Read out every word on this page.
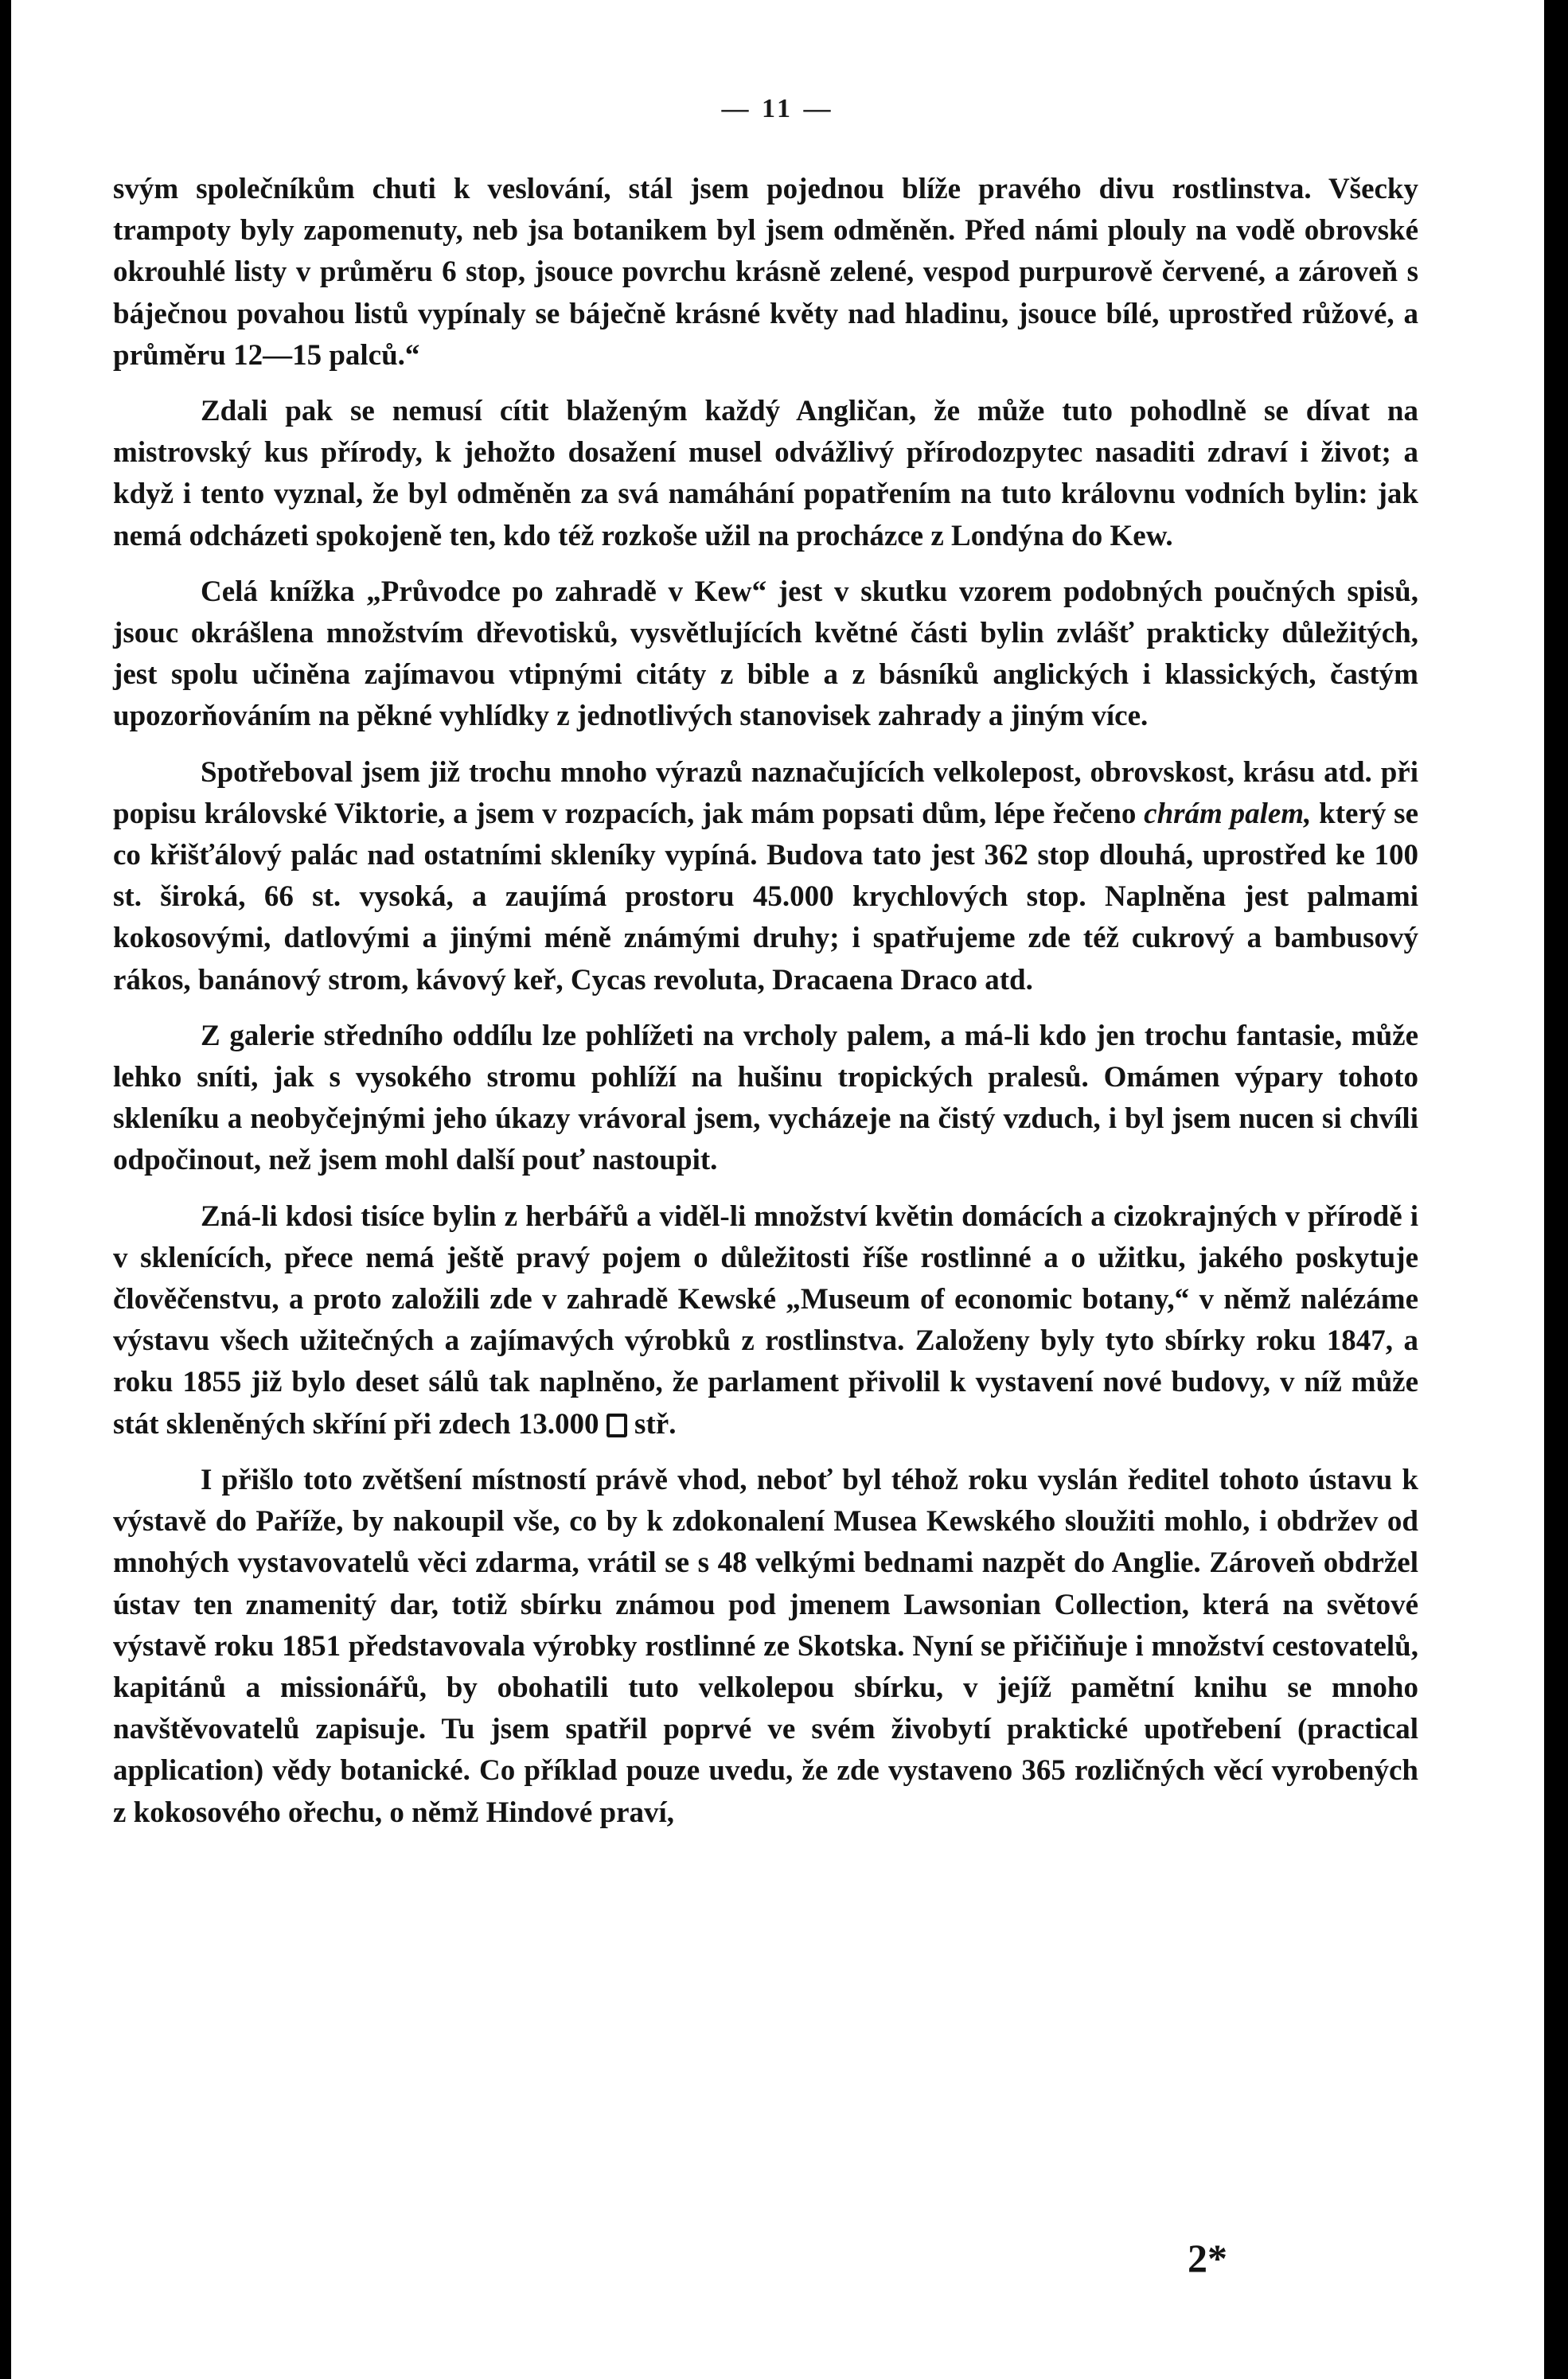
— 11 —

svým společníkům chuti k veslování, stál jsem pojednou blíže pravého divu rostlinstva. Všecky trampoty byly zapomenuty, neb jsa botanikem byl jsem odměněn. Před námi plouly na vodě obrovské okrouhlé listy v průměru 6 stop, jsouce povrchu krásně zelené, vespod purpurově červené, a zároveň s báječnou povahou listů vypínaly se báječně krásné květy nad hladinu, jsouce bílé, uprostřed růžové, a průměru 12—15 palců.“

Zdali pak se nemusí cítit blaženým každý Angličan, že může tuto pohodlně se dívat na mistrovský kus přírody, k jehožto dosažení musel odvážlivý přírodozpytec nasaditi zdraví i život; a když i tento vyznal, že byl odměněn za svá namáhání popatřením na tuto královnu vodních bylin: jak nemá odcházeti spokojeně ten, kdo též rozkoše užil na procházce z Londýna do Kew.

Celá knížka „Průvodce po zahradě v Kew“ jest v skutku vzorem podobných poučných spisů, jsouc okrášlena množstvím dřevotisků, vysvětlujících květné části bylin zvlášť prakticky důležitých, jest spolu učiněna zajímavou vtipnými citáty z bible a z básníků anglických i klassických, častým upozorňováním na pěkné vyhlídky z jednotlivých stanovisek zahrady a jiným více.

Spotřeboval jsem již trochu mnoho výrazů naznačujících velkolepost, obrovskost, krásu atd. při popisu královské Viktorie, a jsem v rozpacích, jak mám popsati dům, lépe řečeno chrám palem, který se co křišťálový palác nad ostatními skleníky vypíná. Budova tato jest 362 stop dlouhá, uprostřed ke 100 st. široká, 66 st. vysoká, a zaujímá prostoru 45.000 krychlových stop. Naplněna jest palmami kokosovými, datlovými a jinými méně známými druhy; i spatřujeme zde též cukrový a bambusový rákos, banánový strom, kávový keř, Cycas revoluta, Dracaena Draco atd.

Z galerie středního oddílu lze pohlížeti na vrcholy palem, a má-li kdo jen trochu fantasie, může lehko sníti, jak s vysokého stromu pohlíží na hušinu tropických pralesů. Omámen výpary tohoto skleníku a neobyčejnými jeho úkazy vrávoral jsem, vycházeje na čistý vzduch, i byl jsem nucen si chvíli odpočinout, než jsem mohl další pouť nastoupit.

Zná-li kdosi tisíce bylin z herbářů a viděl-li množství květin domácích a cizokrajných v přírodě i v sklenících, přece nemá ještě pravý pojem o důležitosti říše rostlinné a o užitku, jakého poskytuje člověčenstvu, a proto založili zde v zahradě Kewské „Museum of economic botany,“ v němž nalézáme výstavu všech užitečných a zajímavých výrobků z rostlinstva. Založeny byly tyto sbírky roku 1847, a roku 1855 již bylo deset sálů tak naplněno, že parlament přivolil k vystavení nové budovy, v níž může stát skleněných skříní při zdech 13.000 stř.

I přišlo toto zvětšení místností právě vhod, neboť byl téhož roku vyslán ředitel tohoto ústavu k výstavě do Paříže, by nakoupil vše, co by k zdokonalení Musea Kewského sloužiti mohlo, i obdržev od mnohých vystavovatelů věci zdarma, vrátil se s 48 velkými bednami nazpět do Anglie. Zároveň obdržel ústav ten znamenitý dar, totiž sbírku známou pod jmenem Lawsonian Collection, která na světové výstavě roku 1851 představovala výrobky rostlinné ze Skotska. Nyní se přičiňuje i množství cestovatelů, kapitánů a missionářů, by obohatili tuto velkolepou sbírku, v jejíž pamětní knihu se mnoho navštěvovatelů zapisuje. Tu jsem spatřil poprvé ve svém živobytí praktické upotřebení (practical application) vědy botanické. Co příklad pouze uvedu, že zde vystaveno 365 rozličných věcí vyrobených z kokosového ořechu, o němž Hindové praví,

2*
